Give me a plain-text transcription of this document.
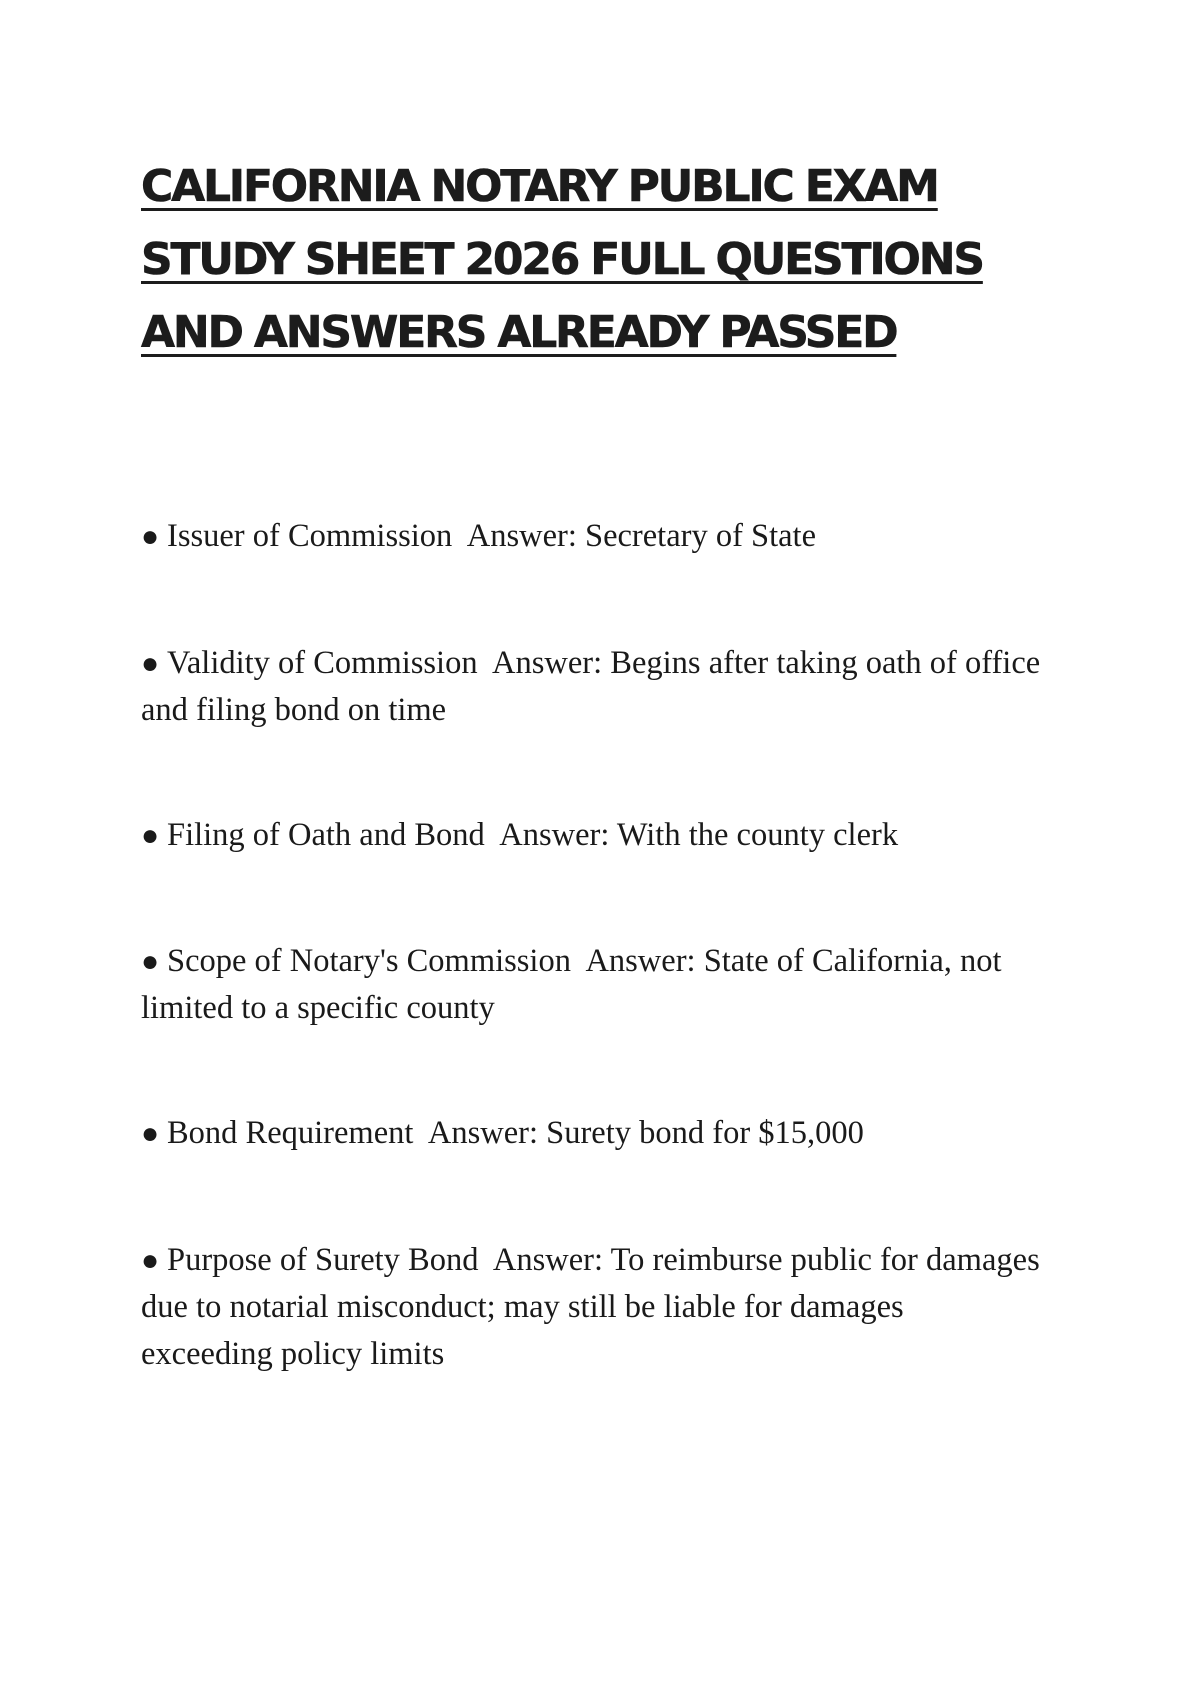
CALIFORNIA NOTARY PUBLIC EXAM STUDY SHEET 2026 FULL QUESTIONS AND ANSWERS ALREADY PASSED

● Issuer of Commission Answer: Secretary of State

● Validity of Commission Answer: Begins after taking oath of office and filing bond on time

● Filing of Oath and Bond Answer: With the county clerk

● Scope of Notary's Commission Answer: State of California, not limited to a specific county

● Bond Requirement Answer: Surety bond for $15,000

● Purpose of Surety Bond Answer: To reimburse public for damages due to notarial misconduct; may still be liable for damages exceeding policy limits
